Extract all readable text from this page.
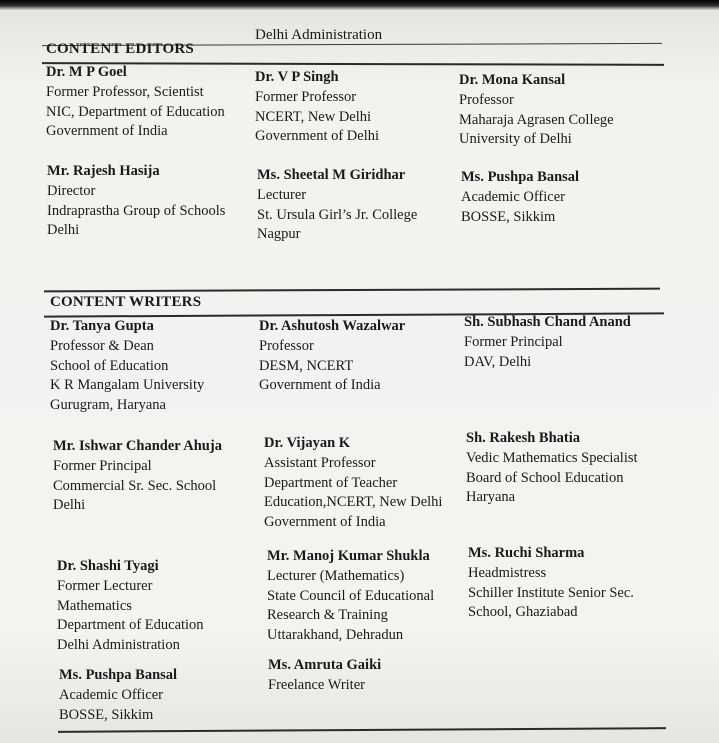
Delhi Administration
CONTENT EDITORS
Dr. M P Goel
Former Professor, Scientist
NIC, Department of Education
Government of India
Dr. V P Singh
Former Professor
NCERT, New Delhi
Government of Delhi
Dr. Mona Kansal
Professor
Maharaja Agrasen College
University of Delhi
Mr. Rajesh Hasija
Director
Indraprastha Group of Schools
Delhi
Ms. Sheetal M Giridhar
Lecturer
St. Ursula Girl’s Jr. College
Nagpur
Ms. Pushpa Bansal
Academic Officer
BOSSE, Sikkim
CONTENT WRITERS
Dr. Tanya Gupta
Professor & Dean
School of Education
K R Mangalam University
Gurugram, Haryana
Dr. Ashutosh Wazalwar
Professor
DESM, NCERT
Government of India
Sh. Subhash Chand Anand
Former Principal
DAV, Delhi
Mr. Ishwar Chander Ahuja
Former Principal
Commercial Sr. Sec. School
Delhi
Dr. Vijayan K
Assistant Professor
Department of Teacher
Education,NCERT, New Delhi
Government of India
Sh. Rakesh Bhatia
Vedic Mathematics Specialist
Board of School Education
Haryana
Dr. Shashi Tyagi
Former Lecturer
Mathematics
Department of Education
Delhi Administration
Mr. Manoj Kumar Shukla
Lecturer (Mathematics)
State Council of Educational
Research & Training
Uttarakhand, Dehradun
Ms. Ruchi Sharma
Headmistress
Schiller Institute Senior Sec.
School, Ghaziabad
Ms. Pushpa Bansal
Academic Officer
BOSSE, Sikkim
Ms. Amruta Gaiki
Freelance Writer
